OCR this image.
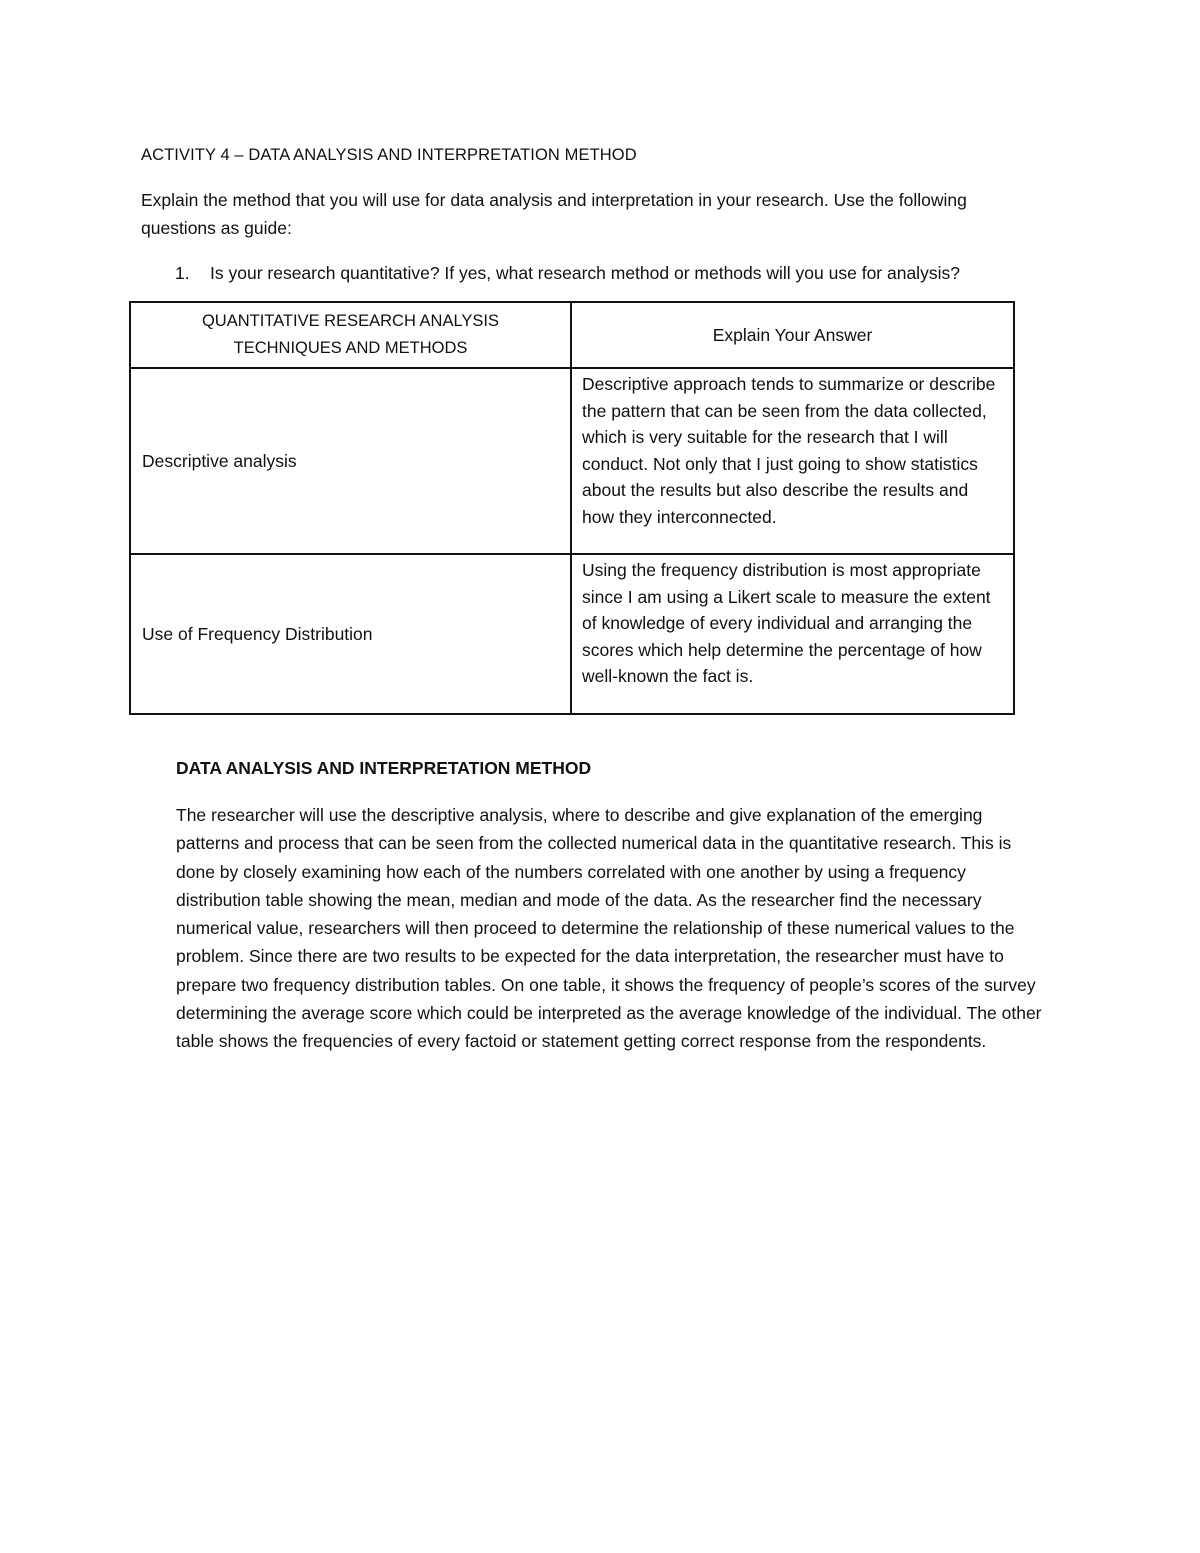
ACTIVITY 4 – DATA ANALYSIS AND INTERPRETATION METHOD
Explain the method that you will use for data analysis and interpretation in your research. Use the following questions as guide:
1. Is your research quantitative? If yes, what research method or methods will you use for analysis?
QUANTITATIVE RESEARCH ANALYSIS
TECHNIQUES AND METHODS	Explain Your Answer
Descriptive analysis	Descriptive approach tends to summarize or describe the pattern that can be seen from the data collected, which is very suitable for the research that I will conduct. Not only that I just going to show statistics about the results but also describe the results and how they interconnected.
Use of Frequency Distribution	Using the frequency distribution is most appropriate since I am using a Likert scale to measure the extent of knowledge of every individual and arranging the scores which help determine the percentage of how well-known the fact is.
DATA ANALYSIS AND INTERPRETATION METHOD
The researcher will use the descriptive analysis, where to describe and give explanation of the emerging patterns and process that can be seen from the collected numerical data in the quantitative research. This is done by closely examining how each of the numbers correlated with one another by using a frequency distribution table showing the mean, median and mode of the data. As the researcher find the necessary numerical value, researchers will then proceed to determine the relationship of these numerical values to the problem. Since there are two results to be expected for the data interpretation, the researcher must have to prepare two frequency distribution tables. On one table, it shows the frequency of people’s scores of the survey determining the average score which could be interpreted as the average knowledge of the individual. The other table shows the frequencies of every factoid or statement getting correct response from the respondents.
